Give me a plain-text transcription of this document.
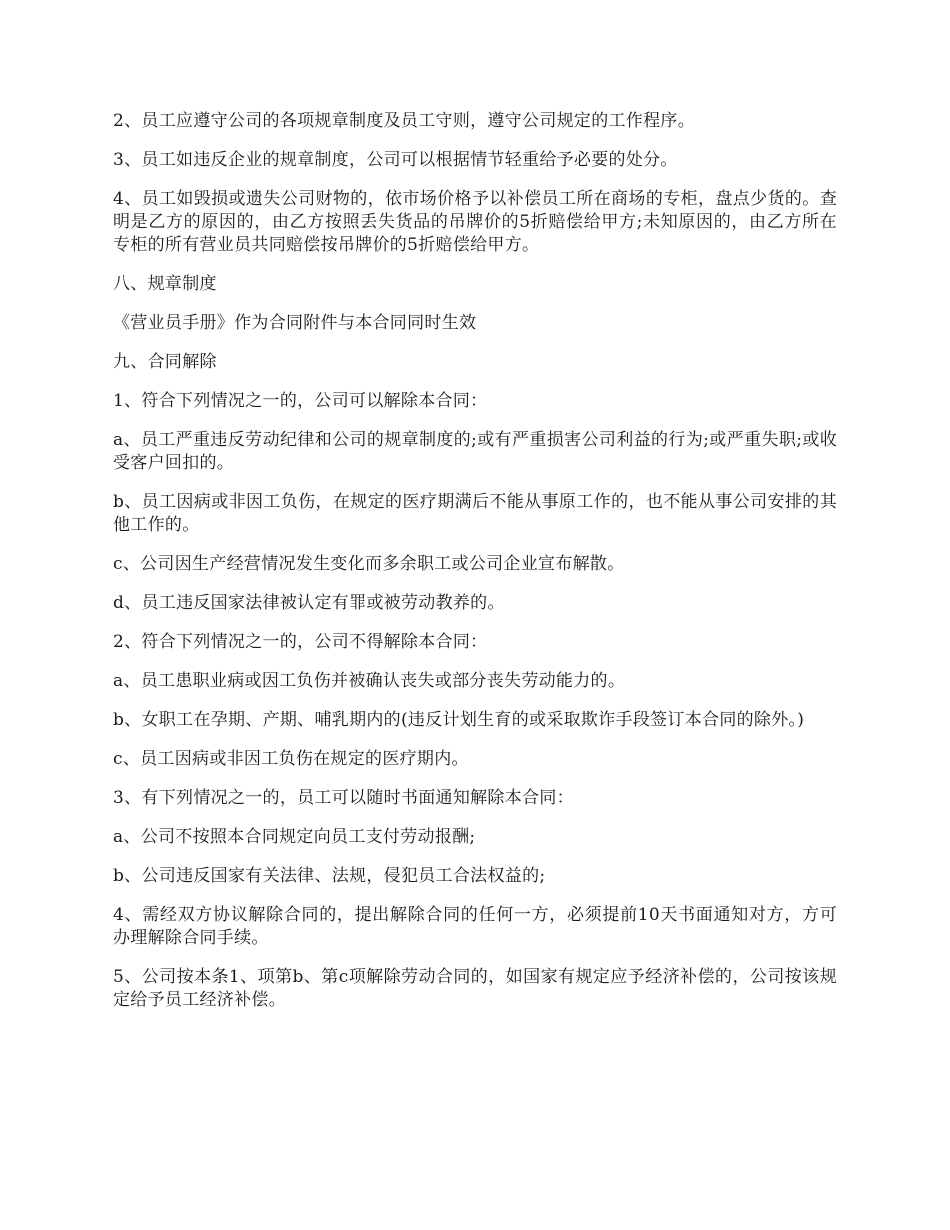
2、员工应遵守公司的各项规章制度及员工守则，遵守公司规定的工作程序。

3、员工如违反企业的规章制度，公司可以根据情节轻重给予必要的处分。

4、员工如毁损或遗失公司财物的，依市场价格予以补偿员工所在商场的专柜，盘点少货的。查明是乙方的原因的，由乙方按照丢失货品的吊牌价的5折赔偿给甲方;未知原因的，由乙方所在专柜的所有营业员共同赔偿按吊牌价的5折赔偿给甲方。

八、规章制度

《营业员手册》作为合同附件与本合同同时生效

九、合同解除

1、符合下列情况之一的，公司可以解除本合同：

a、员工严重违反劳动纪律和公司的规章制度的;或有严重损害公司利益的行为;或严重失职;或收受客户回扣的。

b、员工因病或非因工负伤，在规定的医疗期满后不能从事原工作的，也不能从事公司安排的其他工作的。

c、公司因生产经营情况发生变化而多余职工或公司企业宣布解散。

d、员工违反国家法律被认定有罪或被劳动教养的。

2、符合下列情况之一的，公司不得解除本合同：

a、员工患职业病或因工负伤并被确认丧失或部分丧失劳动能力的。

b、女职工在孕期、产期、哺乳期内的(违反计划生育的或采取欺诈手段签订本合同的除外。)

c、员工因病或非因工负伤在规定的医疗期内。

3、有下列情况之一的，员工可以随时书面通知解除本合同：

a、公司不按照本合同规定向员工支付劳动报酬;

b、公司违反国家有关法律、法规，侵犯员工合法权益的;

4、需经双方协议解除合同的，提出解除合同的任何一方，必须提前10天书面通知对方，方可办理解除合同手续。

5、公司按本条1、项第b、第c项解除劳动合同的，如国家有规定应予经济补偿的，公司按该规定给予员工经济补偿。
